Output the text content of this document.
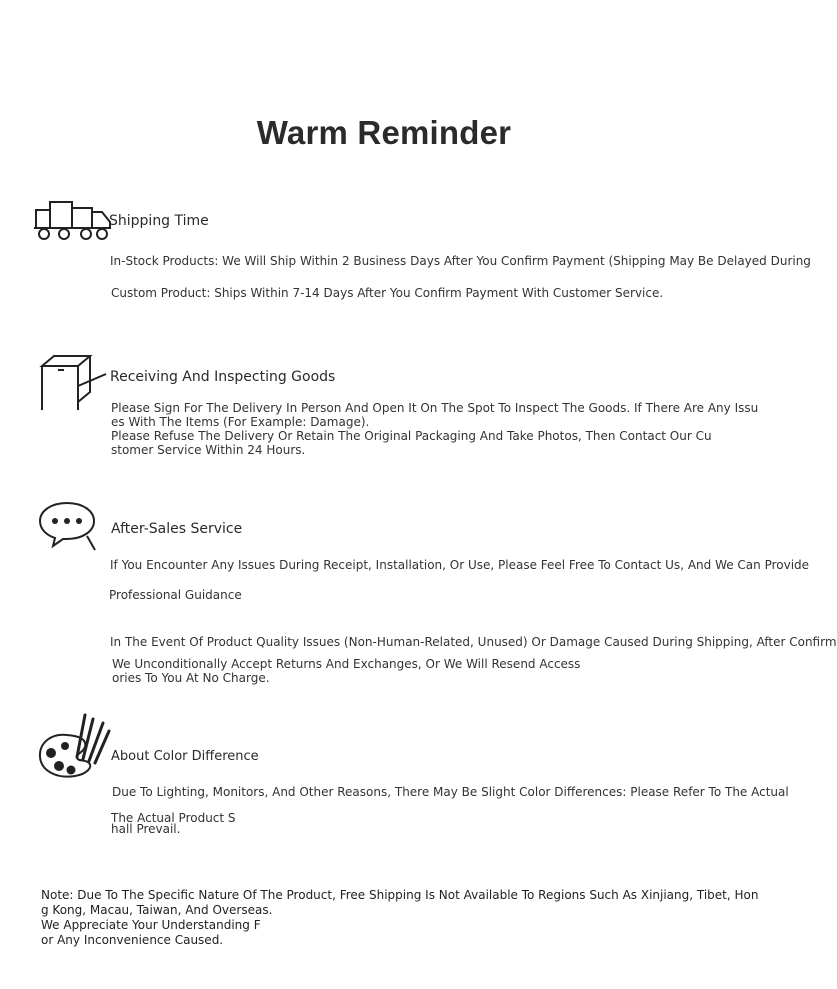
Warm Reminder
Shipping Time
In-Stock Products: We Will Ship Within 2 Business Days After You Confirm Payment (Shipping May Be Delayed During
Custom Product: Ships Within 7-14 Days After You Confirm Payment With Customer Service.
Receiving And Inspecting Goods
Please Sign For The Delivery In Person And Open It On The Spot To Inspect The Goods. If There Are Any Issu
es With The Items (For Example: Damage).
Please Refuse The Delivery Or Retain The Original Packaging And Take Photos, Then Contact Our Cu
stomer Service Within 24 Hours.
After-Sales Service
If You Encounter Any Issues During Receipt, Installation, Or Use, Please Feel Free To Contact Us, And We Can Provide
Professional Guidance
In The Event Of Product Quality Issues (Non-Human-Related, Unused) Or Damage Caused During Shipping, After Confirm
We Unconditionally Accept Returns And Exchanges, Or We Will Resend Access
ories To You At No Charge.
About Color Difference
Due To Lighting, Monitors, And Other Reasons, There May Be Slight Color Differences: Please Refer To The Actual
The Actual Product S
hall Prevail.
Note: Due To The Specific Nature Of The Product, Free Shipping Is Not Available To Regions Such As Xinjiang, Tibet, Hon
g Kong, Macau, Taiwan, And Overseas.
We Appreciate Your Understanding F
or Any Inconvenience Caused.
